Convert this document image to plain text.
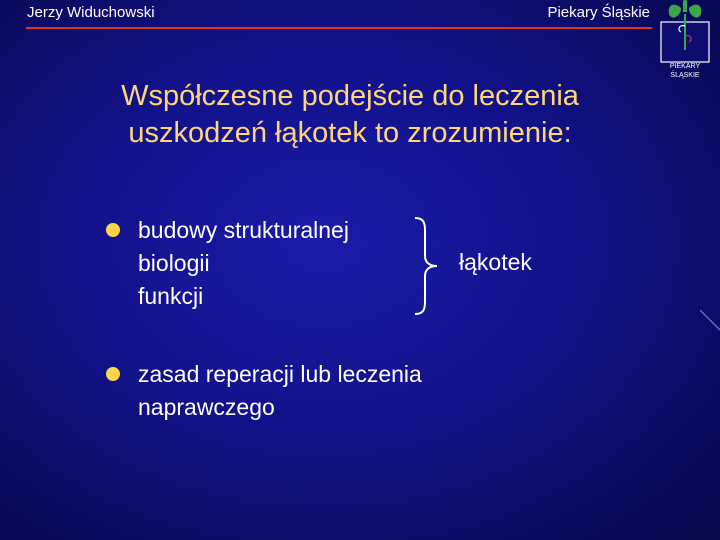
Jerzy Widuchowski	Piekary Śląskie
PIEKARY
ŚLĄSKIE
Współczesne podejście do leczenia
uszkodzeń łąkotek to zrozumienie:
budowy strukturalnej
biologii
funkcji
łąkotek
zasad reperacji lub leczenia
naprawczego
